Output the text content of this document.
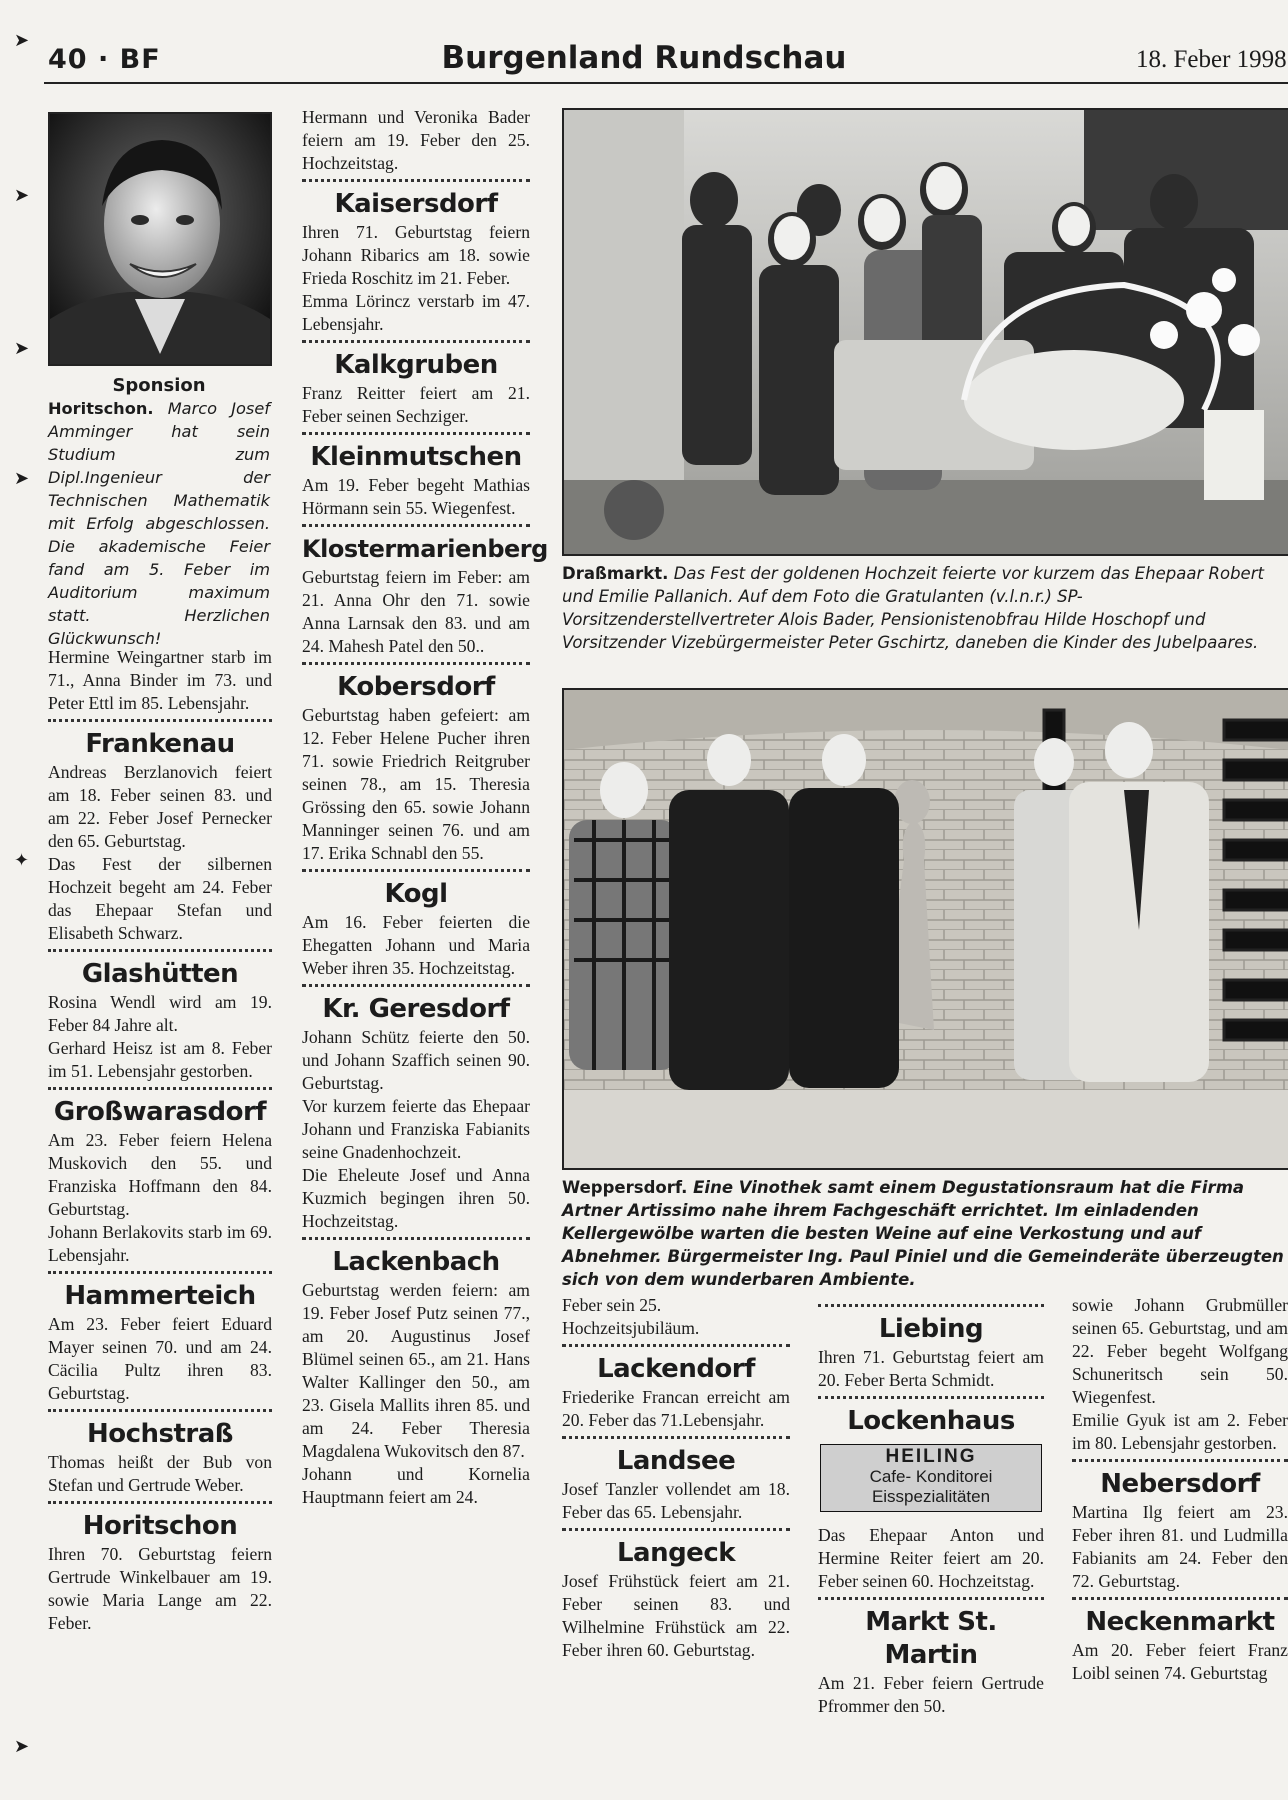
40 · BF	Burgenland Rundschau	18. Feber 1998
➤
➤
➤
➤
✦
➤
Sponsion

Horitschon. Marco Josef Amminger hat sein Studium zum Dipl.Ingenieur der Technischen Mathematik mit Erfolg abgeschlossen. Die akademische Feier fand am 5. Feber im Auditorium maximum statt. Herzlichen Glückwunsch!

Hermine Weingartner starb im 71., Anna Binder im 73. und Peter Ettl im 85. Lebensjahr.

Frankenau

Andreas Berzlanovich feiert am 18. Feber seinen 83. und am 22. Feber Josef Pernecker den 65. Geburtstag.

Das Fest der silbernen Hochzeit begeht am 24. Feber das Ehepaar Stefan und Elisabeth Schwarz.

Glashütten

Rosina Wendl wird am 19. Feber 84 Jahre alt.

Gerhard Heisz ist am 8. Feber im 51. Lebensjahr gestorben.

Großwarasdorf

Am 23. Feber feiern Helena Muskovich den 55. und Franziska Hoffmann den 84. Geburtstag.

Johann Berlakovits starb im 69. Lebensjahr.

Hammerteich

Am 23. Feber feiert Eduard Mayer seinen 70. und am 24. Cäcilia Pultz ihren 83. Geburtstag.

Hochstraß

Thomas heißt der Bub von Stefan und Gertrude Weber.

Horitschon

Ihren 70. Geburtstag feiern Gertrude Winkelbauer am 19. sowie Maria Lange am 22. Feber.

Hermann und Veronika Bader feiern am 19. Feber den 25. Hochzeitstag.

Kaisersdorf

Ihren 71. Geburtstag feiern Johann Ribarics am 18. sowie Frieda Roschitz im 21. Feber.

Emma Lörincz verstarb im 47. Lebensjahr.

Kalkgruben

Franz Reitter feiert am 21. Feber seinen Sechziger.

Kleinmutschen

Am 19. Feber begeht Mathias Hörmann sein 55. Wiegenfest.

Klostermarienberg

Geburtstag feiern im Feber: am 21. Anna Ohr den 71. sowie Anna Larnsak den 83. und am 24. Mahesh Patel den 50..

Kobersdorf

Geburtstag haben gefeiert: am 12. Feber Helene Pucher ihren 71. sowie Friedrich Reitgruber seinen 78., am 15. Theresia Grössing den 65. sowie Johann Manninger seinen 76. und am 17. Erika Schnabl den 55.

Kogl

Am 16. Feber feierten die Ehegatten Johann und Maria Weber ihren 35. Hochzeitstag.

Kr. Geresdorf

Johann Schütz feierte den 50. und Johann Szaffich seinen 90. Geburtstag.

Vor kurzem feierte das Ehepaar Johann und Franziska Fabianits seine Gnadenhochzeit.

Die Eheleute Josef und Anna Kuzmich begingen ihren 50. Hochzeitstag.

Lackenbach

Geburtstag werden feiern: am 19. Feber Josef Putz seinen 77., am 20. Augustinus Josef Blümel seinen 65., am 21. Hans Walter Kallinger den 50., am 23. Gisela Mallits ihren 85. und am 24. Feber Theresia Magdalena Wukovitsch den 87.

Johann und Kornelia Hauptmann feiert am 24.

Draßmarkt. Das Fest der goldenen Hochzeit feierte vor kurzem das Ehepaar Robert und Emilie Pallanich. Auf dem Foto die Gratulanten (v.l.n.r.) SP-Vorsitzenderstellvertreter Alois Bader, Pensionistenobfrau Hilde Hoschopf und Vorsitzender Vizebürgermeister Peter Gschirtz, daneben die Kinder des Jubelpaares.

Weppersdorf. Eine Vinothek samt einem Degustationsraum hat die Firma Artner Artissimo nahe ihrem Fachgeschäft errichtet. Im einladenden Kellergewölbe warten die besten Weine auf eine Verkostung und auf Abnehmer. Bürgermeister Ing. Paul Piniel und die Gemeinderäte überzeugten sich von dem wunderbaren Ambiente.

Feber sein 25. Hochzeitsjubiläum.

Lackendorf

Friederike Francan erreicht am 20. Feber das 71.Lebensjahr.

Landsee

Josef Tanzler vollendet am 18. Feber das 65. Lebensjahr.

Langeck

Josef Frühstück feiert am 21. Feber seinen 83. und Wilhelmine Frühstück am 22. Feber ihren 60. Geburtstag.

Liebing

Ihren 71. Geburtstag feiert am 20. Feber Berta Schmidt.

Lockenhaus
HEILING
Cafe- Konditorei
Eisspezialitäten

Das Ehepaar Anton und Hermine Reiter feiert am 20. Feber seinen 60. Hochzeitstag.

Markt St. Martin

Am 21. Feber feiern Gertrude Pfrommer den 50.

sowie Johann Grubmüller seinen 65. Geburtstag, und am 22. Feber begeht Wolfgang Schuneritsch sein 50. Wiegenfest.

Emilie Gyuk ist am 2. Feber im 80. Lebensjahr gestorben.

Nebersdorf

Martina Ilg feiert am 23. Feber ihren 81. und Ludmilla Fabianits am 24. Feber den 72. Geburtstag.

Neckenmarkt

Am 20. Feber feiert Franz Loibl seinen 74. Geburtstag
